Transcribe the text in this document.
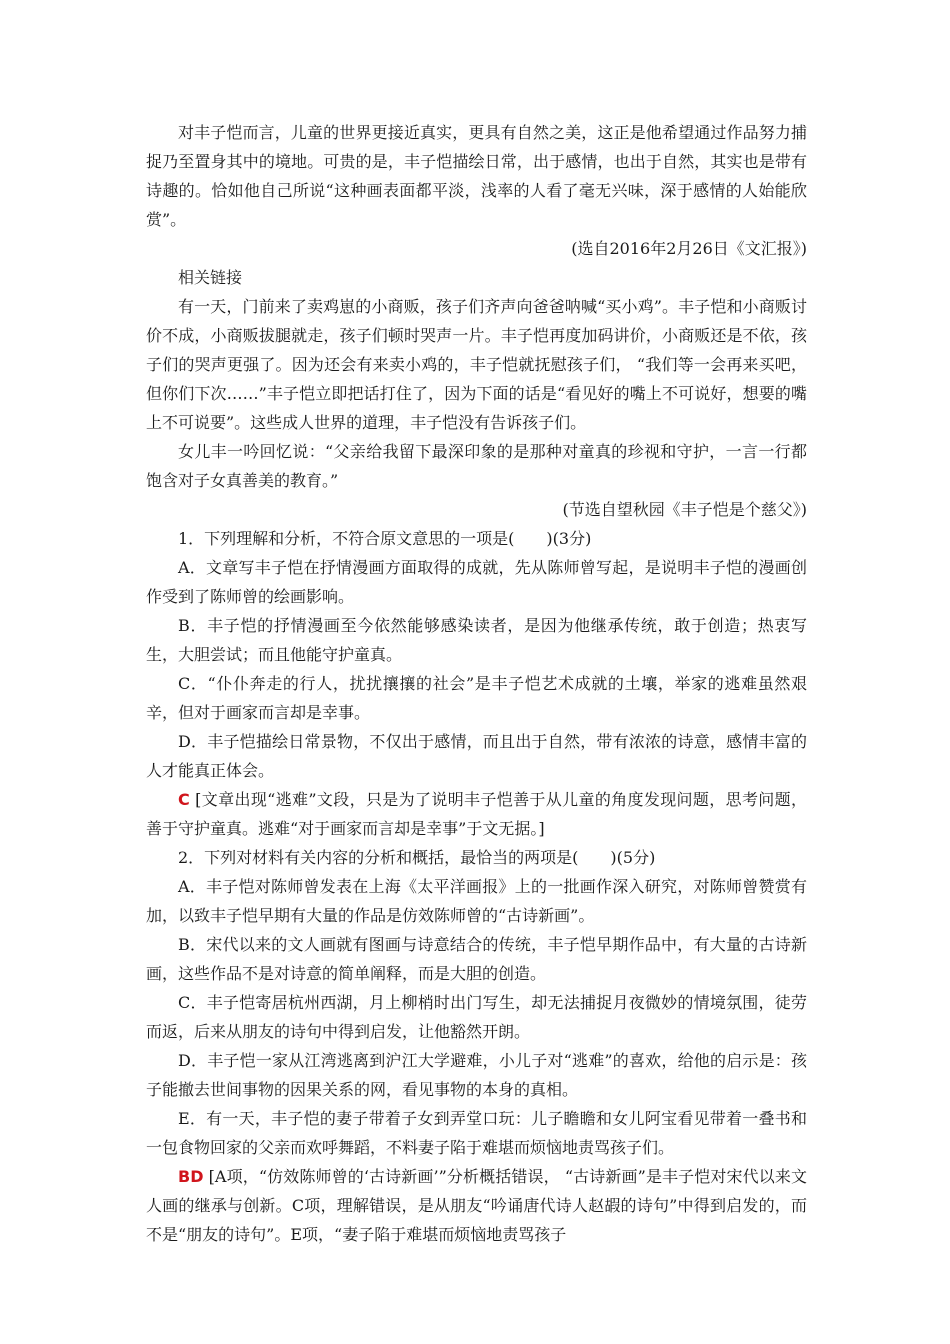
对丰子恺而言，儿童的世界更接近真实，更具有自然之美，这正是他希望通过作品努力捕捉乃至置身其中的境地。可贵的是，丰子恺描绘日常，出于感情，也出于自然，其实也是带有诗趣的。恰如他自己所说“这种画表面都平淡，浅率的人看了毫无兴味，深于感情的人始能欣赏”。

(选自2016年2月26日《文汇报》)

相关链接

有一天，门前来了卖鸡崽的小商贩，孩子们齐声向爸爸呐喊“买小鸡”。丰子恺和小商贩讨价不成，小商贩拔腿就走，孩子们顿时哭声一片。丰子恺再度加码讲价，小商贩还是不依，孩子们的哭声更强了。因为还会有来卖小鸡的，丰子恺就抚慰孩子们， “我们等一会再来买吧，但你们下次……”丰子恺立即把话打住了，因为下面的话是“看见好的嘴上不可说好，想要的嘴上不可说要”。这些成人世界的道理，丰子恺没有告诉孩子们。

女儿丰一吟回忆说：“父亲给我留下最深印象的是那种对童真的珍视和守护，一言一行都饱含对子女真善美的教育。”

(节选自望秋园《丰子恺是个慈父》)

1．下列理解和分析，不符合原文意思的一项是(　　)(3分)

A．文章写丰子恺在抒情漫画方面取得的成就，先从陈师曾写起，是说明丰子恺的漫画创作受到了陈师曾的绘画影响。

B．丰子恺的抒情漫画至今依然能够感染读者，是因为他继承传统，敢于创造；热衷写生，大胆尝试；而且他能守护童真。

C．“仆仆奔走的行人，扰扰攘攘的社会”是丰子恺艺术成就的土壤，举家的逃难虽然艰辛，但对于画家而言却是幸事。

D．丰子恺描绘日常景物，不仅出于感情，而且出于自然，带有浓浓的诗意，感情丰富的人才能真正体会。

C [文章出现“逃难”文段，只是为了说明丰子恺善于从儿童的角度发现问题，思考问题，善于守护童真。逃难“对于画家而言却是幸事”于文无据。]

2．下列对材料有关内容的分析和概括，最恰当的两项是(　　)(5分)

A．丰子恺对陈师曾发表在上海《太平洋画报》上的一批画作深入研究，对陈师曾赞赏有加，以致丰子恺早期有大量的作品是仿效陈师曾的“古诗新画”。

B．宋代以来的文人画就有图画与诗意结合的传统，丰子恺早期作品中，有大量的古诗新画，这些作品不是对诗意的简单阐释，而是大胆的创造。

C．丰子恺寄居杭州西湖，月上柳梢时出门写生，却无法捕捉月夜微妙的情境氛围，徒劳而返，后来从朋友的诗句中得到启发，让他豁然开朗。

D．丰子恺一家从江湾逃离到沪江大学避难，小儿子对“逃难”的喜欢，给他的启示是：孩子能撤去世间事物的因果关系的网，看见事物的本身的真相。

E．有一天，丰子恺的妻子带着子女到弄堂口玩：儿子瞻瞻和女儿阿宝看见带着一叠书和一包食物回家的父亲而欢呼舞蹈，不料妻子陷于难堪而烦恼地责骂孩子们。

BD [A项，“仿效陈师曾的‘古诗新画’”分析概括错误， “古诗新画”是丰子恺对宋代以来文人画的继承与创新。C项，理解错误，是从朋友“吟诵唐代诗人赵嘏的诗句”中得到启发的，而不是“朋友的诗句”。E项，“妻子陷于难堪而烦恼地责骂孩子
